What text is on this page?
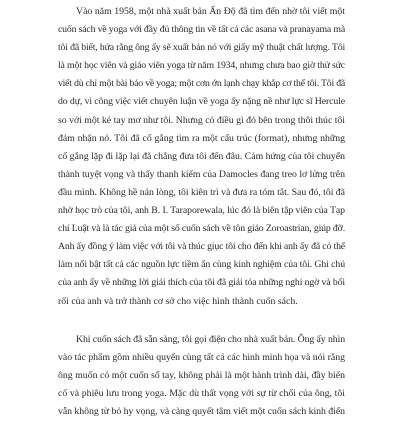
Vào năm 1958, một nhà xuất bản Ấn Độ đã tìm đến nhờ tôi viết một
cuốn sách về yoga với đầy đủ thông tin về tất cả các asana và pranayama mà
tôi đã biết, hứa rằng ông ấy sẽ xuất bản nó với giấy mỹ thuật chất lượng. Tôi
là một học viên và giáo viên yoga từ năm 1934, nhưng chưa bao giờ thử sức
viết dù chỉ một bài báo về yoga; một cơn ớn lạnh chạy khắp cơ thể tôi. Tôi đã
do dự, vì công việc viết chuyên luận về yoga ấy nặng nề như lực sĩ Hercule
so với một kẻ tay mơ như tôi. Nhưng có điều gì đó bên trong thôi thúc tôi
đảm nhận nó. Tôi đã cố gắng tìm ra một cấu trúc (format), nhưng những
cố gắng lặp đi lặp lại đã chẳng đưa tôi đến đâu. Cảm hứng của tôi chuyển
thành tuyệt vọng và thấy thanh kiếm của Damocles đang treo lơ lửng trên
đầu mình. Không hề nản lòng, tôi kiên trì và đưa ra tóm tắt. Sau đó, tôi đã
nhờ học trò của tôi, anh B. I. Taraporewala, lúc đó là biên tập viên của Tạp
chí Luật và là tác giả của một số cuốn sách về tôn giáo Zoroastrian, giúp đỡ.
Anh ấy đồng ý làm việc với tôi và thúc giục tôi cho đến khi anh ấy đã có thể
làm nổi bật tất cả các nguồn lực tiềm ẩn cùng kinh nghiệm của tôi. Ghi chú
của anh ấy về những lời giải thích của tôi đã giải tỏa những nghi ngờ và bối
rối của anh và trở thành cơ sở cho việc hình thành cuốn sách.
Khi cuốn sách đã sẵn sàng, tôi gọi điện cho nhà xuất bản. Ông ấy nhìn
vào tác phẩm gồm nhiều quyển cùng tất cả các hình minh họa và nói rằng
ông muốn có một cuốn sổ tay, không phải là một hành trình dài, đầy biến
cố và phiêu lưu trong yoga. Mặc dù thất vọng với sự từ chối của ông, tôi
vẫn không từ bỏ hy vọng, và càng quyết tâm viết một cuốn sách kinh điển
